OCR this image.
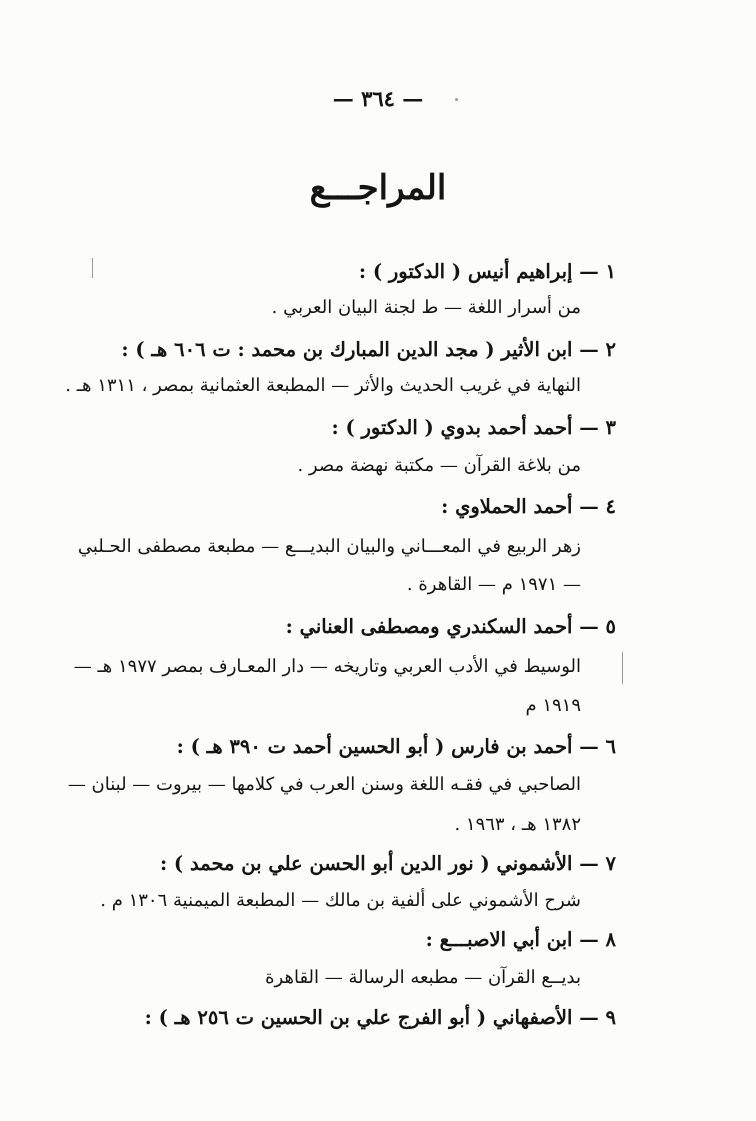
— ٣٦٤ —
المراجـــع
١ — إبراهيم أنيس ( الدكتور ) :
من أسرار اللغة — ط لجنة البيان العربي .
٢ — ابن الأثير ( مجد الدين المبارك بن محمد : ت ٦٠٦ هـ ) :
النهاية في غريب الحديث والأثر — المطبعة العثمانية بمصر ، ١٣١١ هـ .
٣ — أحمد أحمد بدوي ( الدكتور ) :
من بلاغة القرآن — مكتبة نهضة مصر .
٤ — أحمد الحملاوي :
زهر الربيع في المعـــاني والبيان البديـــع — مطبعة مصطفى الحـلبي
— ١٩٧١ م — القاهرة .
٥ — أحمد السكندري ومصطفى العناني :
الوسيط في الأدب العربي وتاريخه — دار المعـارف بمصر ١٩٧٧ هـ —
١٩١٩ م
٦ — أحمد بن فارس ( أبو الحسين أحمد ت ٣٩٠ هـ ) :
الصاحبي في فقـه اللغة وسنن العرب في كلامها — بيروت — لبنان —
١٣٨٢ هـ ، ١٩٦٣ .
٧ — الأشموني ( نور الدين أبو الحسن علي بن محمد ) :
شرح الأشموني على ألفية بن مالك — المطبعة الميمنية ١٣٠٦ م .
٨ — ابن أبي الاصبـــع :
بديــع القرآن — مطبعه الرسالة — القاهرة
٩ — الأصفهاني ( أبو الفرج علي بن الحسين ت ٢٥٦ هـ ) :
